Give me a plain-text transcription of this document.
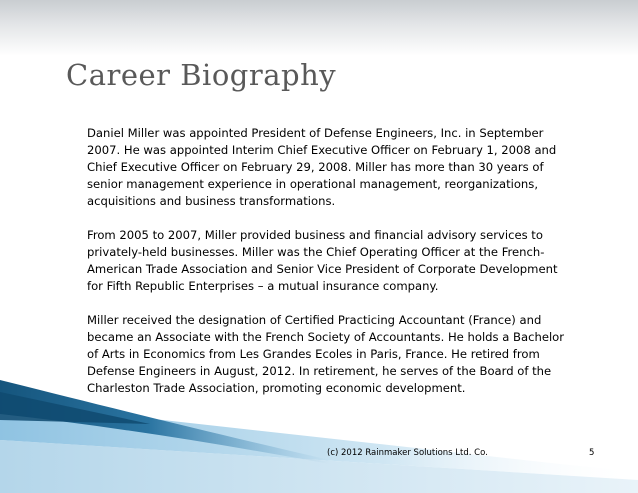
Career Biography

Daniel Miller was appointed President of Defense Engineers, Inc. in September 2007. He was appointed Interim Chief Executive Officer on February 1, 2008 and Chief Executive Officer on February 29, 2008. Miller has more than 30 years of senior management experience in operational management, reorganizations, acquisitions and business transformations.

From 2005 to 2007, Miller provided business and financial advisory services to privately-held businesses. Miller was the Chief Operating Officer at the French-American Trade Association and Senior Vice President of Corporate Development for Fifth Republic Enterprises – a mutual insurance company.

Miller received the designation of Certified Practicing Accountant (France) and became an Associate with the French Society of Accountants. He holds a Bachelor of Arts in Economics from Les Grandes Ecoles in Paris, France. He retired from Defense Engineers in August, 2012. In retirement, he serves of the Board of the Charleston Trade Association, promoting economic development.

(c) 2012 Rainmaker Solutions Ltd. Co.	5
